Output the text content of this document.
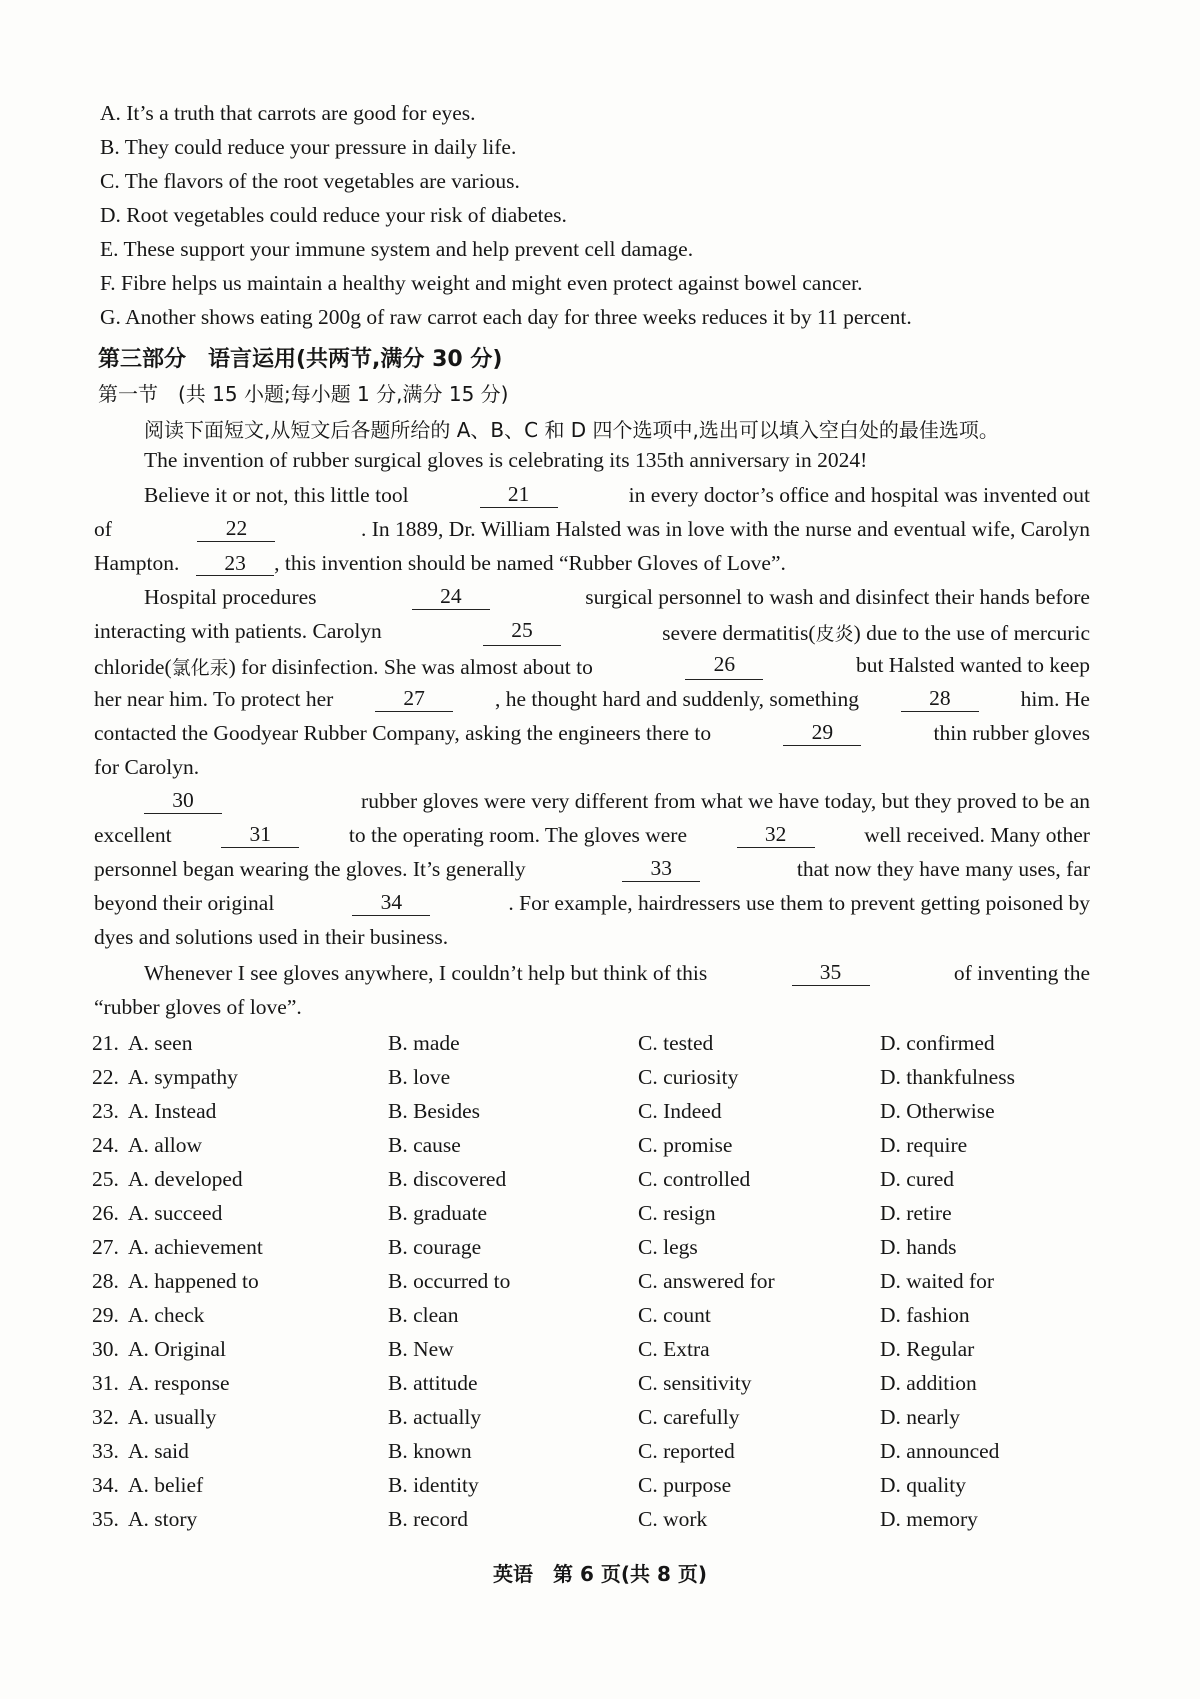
A. It’s a truth that carrots are good for eyes.
B. They could reduce your pressure in daily life.
C. The flavors of the root vegetables are various.
D. Root vegetables could reduce your risk of diabetes.
E. These support your immune system and help prevent cell damage.
F. Fibre helps us maintain a healthy weight and might even protect against bowel cancer.
G. Another shows eating 200g of raw carrot each day for three weeks reduces it by 11 percent.
第三部分　语言运用(共两节,满分 30 分)
第一节　(共 15 小题;每小题 1 分,满分 15 分)
阅读下面短文,从短文后各题所给的 A、B、C 和 D 四个选项中,选出可以填入空白处的最佳选项。
The invention of rubber surgical gloves is celebrating its 135th anniversary in 2024!
Believe it or not, this little tool	21	in every doctor’s office and hospital was invented out
of	22	. In 1889, Dr. William Halsted was in love with the nurse and eventual wife, Carolyn
Hampton. 23 , this invention should be named “Rubber Gloves of Love”.
Hospital procedures	24	surgical personnel to wash and disinfect their hands before
interacting with patients. Carolyn	25	severe dermatitis(皮炎) due to the use of mercuric
chloride(氯化汞) for disinfection. She was almost about to	26	but Halsted wanted to keep
her near him. To protect her	27	, he thought hard and suddenly, something	28	him. He
contacted the Goodyear Rubber Company, asking the engineers there to	29	thin rubber gloves
for Carolyn.
30	rubber gloves were very different from what we have today, but they proved to be an
excellent	31	to the operating room. The gloves were	32	well received. Many other
personnel began wearing the gloves. It’s generally	33	that now they have many uses, far
beyond their original	34	. For example, hairdressers use them to prevent getting poisoned by
dyes and solutions used in their business.
Whenever I see gloves anywhere, I couldn’t help but think of this	35	of inventing the
“rubber gloves of love”.
21. A. seen	B. made	C. tested	D. confirmed
22. A. sympathy	B. love	C. curiosity	D. thankfulness
23. A. Instead	B. Besides	C. Indeed	D. Otherwise
24. A. allow	B. cause	C. promise	D. require
25. A. developed	B. discovered	C. controlled	D. cured
26. A. succeed	B. graduate	C. resign	D. retire
27. A. achievement	B. courage	C. legs	D. hands
28. A. happened to	B. occurred to	C. answered for	D. waited for
29. A. check	B. clean	C. count	D. fashion
30. A. Original	B. New	C. Extra	D. Regular
31. A. response	B. attitude	C. sensitivity	D. addition
32. A. usually	B. actually	C. carefully	D. nearly
33. A. said	B. known	C. reported	D. announced
34. A. belief	B. identity	C. purpose	D. quality
35. A. story	B. record	C. work	D. memory
英语　第 6 页(共 8 页)
